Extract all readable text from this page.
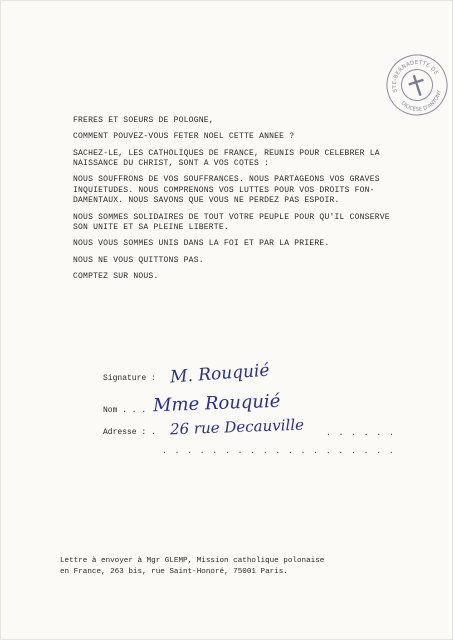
STE-BERNADETTE DE
DIOCÈSE D'ANTONY

FRERES ET SOEURS DE POLOGNE,

COMMENT POUVEZ-VOUS FETER NOEL CETTE ANNEE ?

SACHEZ-LE, LES CATHOLIQUES DE FRANCE, REUNIS POUR CELEBRER LA
NAISSANCE DU CHRIST, SONT A VOS COTES :

NOUS SOUFFRONS DE VOS SOUFFRANCES. NOUS PARTAGEONS VOS GRAVES
INQUIETUDES. NOUS COMPRENONS VOS LUTTES POUR VOS DROITS FON-
DAMENTAUX. NOUS SAVONS QUE VOUS NE PERDEZ PAS ESPOIR.

NOUS SOMMES SOLIDAIRES DE TOUT VOTRE PEUPLE POUR QU'IL CONSERVE
SON UNITE ET SA PLEINE LIBERTE.

NOUS VOUS SOMMES UNIS DANS LA FOI ET PAR LA PRIERE.

NOUS NE VOUS QUITTONS PAS.

COMPTEZ SUR NOUS.

Signature : M. Rouquié
Nom . . . Mme Rouquié
Adresse : . 26 rue Decauville	. . . . . .
. . . . . . . . . . . . . . . . . . .
Lettre à envoyer à Mgr GLEMP, Mission catholique polonaise
en France, 263 bis, rue Saint-Honoré, 75001 Paris.
